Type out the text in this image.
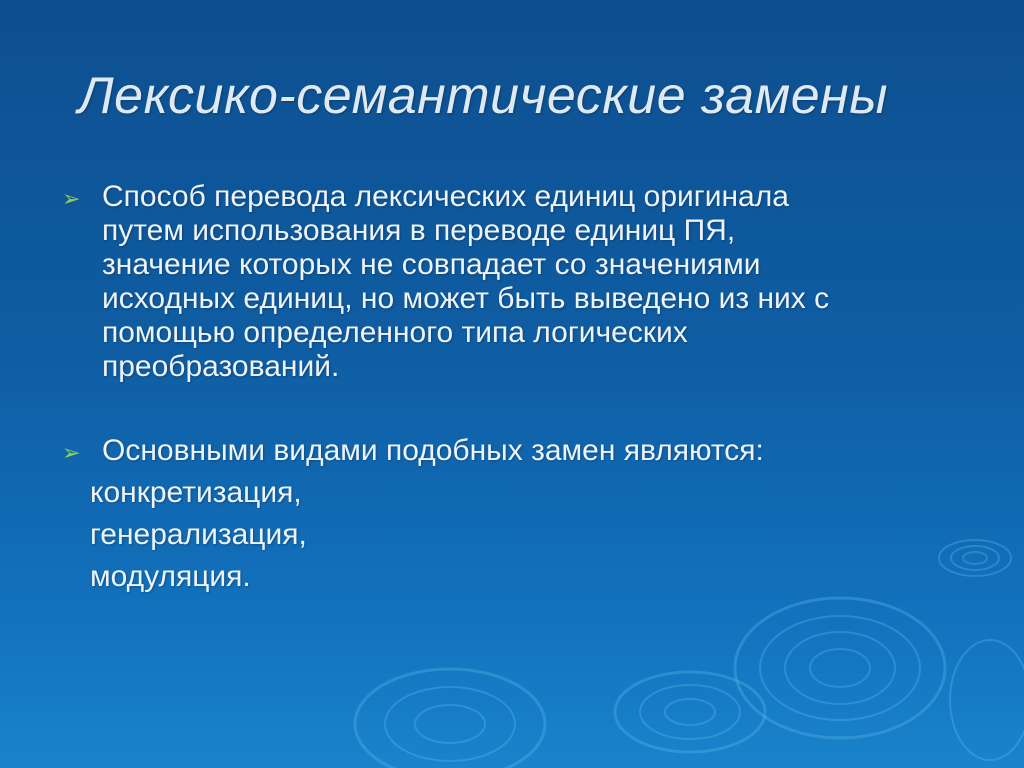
Лексико-семантические замены
➢ Способ перевода лексических единиц оригинала
путем использования в переводе единиц ПЯ,
значение которых не совпадает со значениями
исходных единиц, но может быть выведено из них с
помощью определенного типа логических
преобразований.
➢ Основными видами подобных замен являются:
конкретизация,
генерализация,
модуляция.
